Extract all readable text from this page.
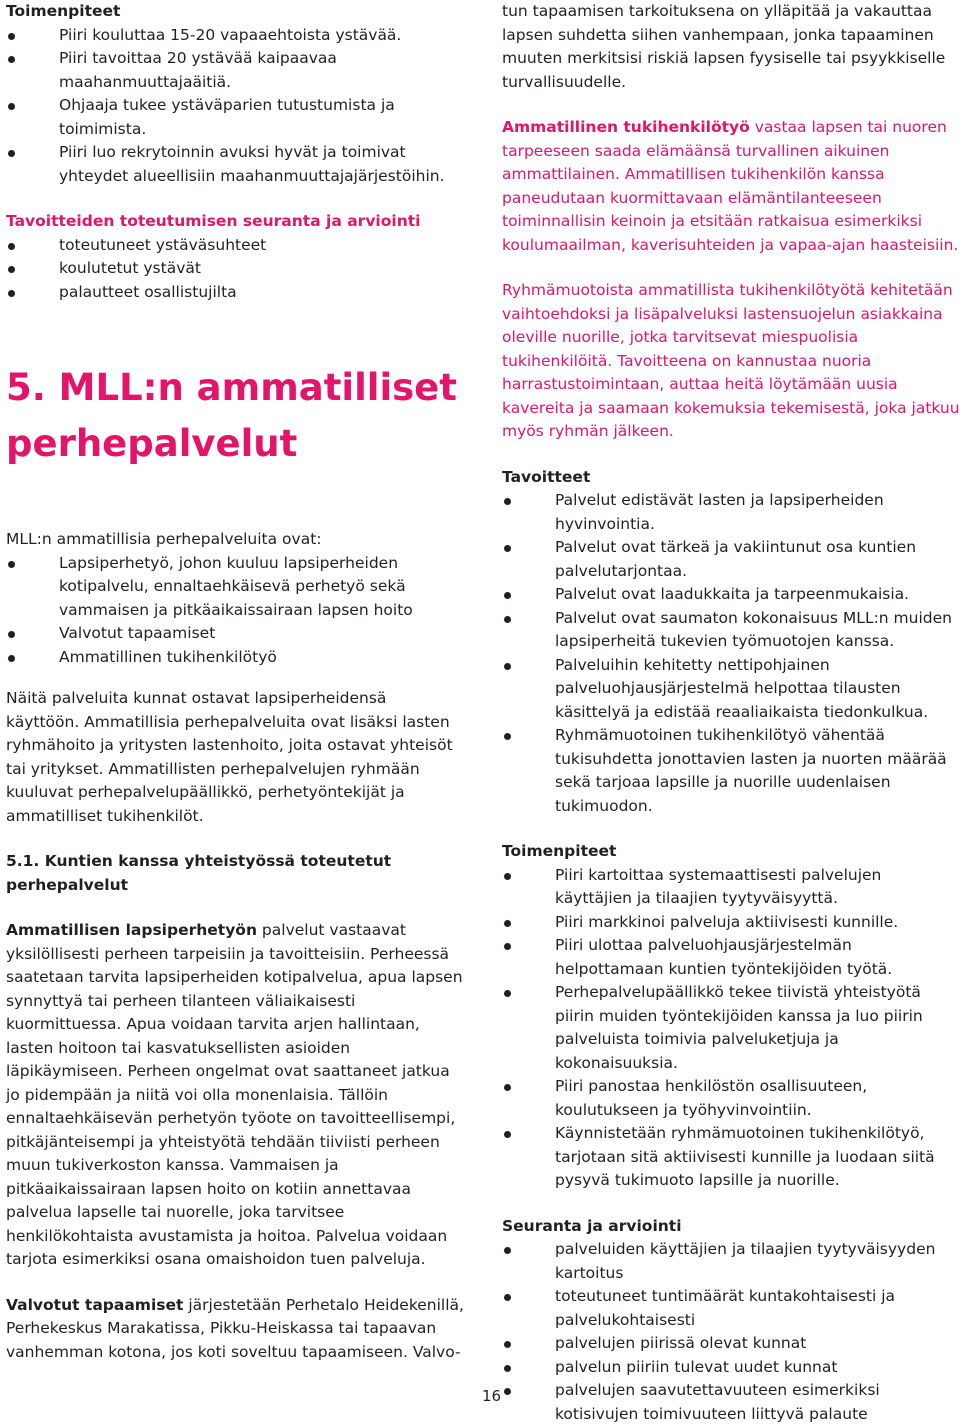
Toimenpiteet

Piiri kouluttaa 15-20 vapaaehtoista ystävää.
Piiri tavoittaa 20 ystävää kaipaavaa maahanmuuttajaäitiä.
Ohjaaja tukee ystäväparien tutustumista ja toimimista.
Piiri luo rekrytoinnin avuksi hyvät ja toimivat yhteydet alueellisiin maahanmuuttajajärjestöihin.

Tavoitteiden toteutumisen seuranta ja arviointi

toteutuneet ystäväsuhteet
koulutetut ystävät
palautteet osallistujilta

5. MLL:n ammatilliset

perhepalvelut

MLL:n ammatillisia perhepalveluita ovat:

Lapsiperhetyö, johon kuuluu lapsiperheiden kotipalvelu, ennaltaehkäisevä perhetyö sekä vammaisen ja pitkäaikaissairaan lapsen hoito
Valvotut tapaamiset
Ammatillinen tukihenkilötyö

Näitä palveluita kunnat ostavat lapsiperheidensä käyttöön. Ammatillisia perhepalveluita ovat lisäksi lasten ryhmähoito ja yritysten lastenhoito, joita ostavat yhteisöt tai yritykset. Ammatillisten perhepalvelujen ryhmään kuuluvat perhepalvelupäällikkö, perhetyöntekijät ja ammatilliset tukihenkilöt.

5.1. Kuntien kanssa yhteistyössä toteutetut perhepalvelut

Ammatillisen lapsiperhetyön palvelut vastaavat yksilöllisesti perheen tarpeisiin ja tavoitteisiin. Perheessä saatetaan tarvita lapsiperheiden kotipalvelua, apua lapsen synnyttyä tai perheen tilanteen väliaikaisesti kuormittuessa. Apua voidaan tarvita arjen hallintaan, lasten hoitoon tai kasvatuksellisten asioiden läpikäymiseen. Perheen ongelmat ovat saattaneet jatkua jo pidempään ja niitä voi olla monenlaisia. Tällöin ennaltaehkäisevän perhetyön työote on tavoitteellisempi, pitkäjänteisempi ja yhteistyötä tehdään tiiviisti perheen muun tukiverkoston kanssa. Vammaisen ja pitkäaikaissairaan lapsen hoito on kotiin annettavaa palvelua lapselle tai nuorelle, joka tarvitsee henkilökohtaista avustamista ja hoitoa. Palvelua voidaan tarjota esimerkiksi osana omaishoidon tuen palveluja.

Valvotut tapaamiset järjestetään Perhetalo Heidekenillä, Perhekeskus Marakatissa, Pikku-Heiskassa tai tapaavan vanhemman kotona, jos koti soveltuu tapaamiseen. Valvo-

tun tapaamisen tarkoituksena on ylläpitää ja vakauttaa lapsen suhdetta siihen vanhempaan, jonka tapaaminen muuten merkitsisi riskiä lapsen fyysiselle tai psyykkiselle turvallisuudelle.

Ammatillinen tukihenkilötyö vastaa lapsen tai nuoren tarpeeseen saada elämäänsä turvallinen aikuinen ammattilainen. Ammatillisen tukihenkilön kanssa paneudutaan kuormittavaan elämäntilanteeseen toiminnallisin keinoin ja etsitään ratkaisua esimerkiksi koulumaailman, kaverisuhteiden ja vapaa-ajan haasteisiin.

Ryhmämuotoista ammatillista tukihenkilötyötä kehitetään vaihtoehdoksi ja lisäpalveluksi lastensuojelun asiakkaina oleville nuorille, jotka tarvitsevat miespuolisia tukihenkilöitä. Tavoitteena on kannustaa nuoria harrastustoimintaan, auttaa heitä löytämään uusia kavereita ja saamaan kokemuksia tekemisestä, joka jatkuu myös ryhmän jälkeen.

Tavoitteet

Palvelut edistävät lasten ja lapsiperheiden hyvinvointia.
Palvelut ovat tärkeä ja vakiintunut osa kuntien palvelutarjontaa.
Palvelut ovat laadukkaita ja tarpeenmukaisia.
Palvelut ovat saumaton kokonaisuus MLL:n muiden lapsiperheitä tukevien työmuotojen kanssa.
Palveluihin kehitetty nettipohjainen palveluohjausjärjestelmä helpottaa tilausten käsittelyä ja edistää reaaliaikaista tiedonkulkua.
Ryhmämuotoinen tukihenkilötyö vähentää tukisuhdetta jonottavien lasten ja nuorten määrää sekä tarjoaa lapsille ja nuorille uudenlaisen tukimuodon.

Toimenpiteet

Piiri kartoittaa systemaattisesti palvelujen käyttäjien ja tilaajien tyytyväisyyttä.
Piiri markkinoi palveluja aktiivisesti kunnille.
Piiri ulottaa palveluohjausjärjestelmän helpottamaan kuntien työntekijöiden työtä.
Perhepalvelupäällikkö tekee tiivistä yhteistyötä piirin muiden työntekijöiden kanssa ja luo piirin palveluista toimivia palveluketjuja ja kokonaisuuksia.
Piiri panostaa henkilöstön osallisuuteen, koulutukseen ja työhyvinvointiin.
Käynnistetään ryhmämuotoinen tukihenkilötyö, tarjotaan sitä aktiivisesti kunnille ja luodaan siitä pysyvä tukimuoto lapsille ja nuorille.

Seuranta ja arviointi

palveluiden käyttäjien ja tilaajien tyytyväisyyden kartoitus
toteutuneet tuntimäärät kuntakohtaisesti ja palvelukohtaisesti
palvelujen piirissä olevat kunnat
palvelun piiriin tulevat uudet kunnat
palvelujen saavutettavuuteen esimerkiksi kotisivujen toimivuuteen liittyvä palaute
16
